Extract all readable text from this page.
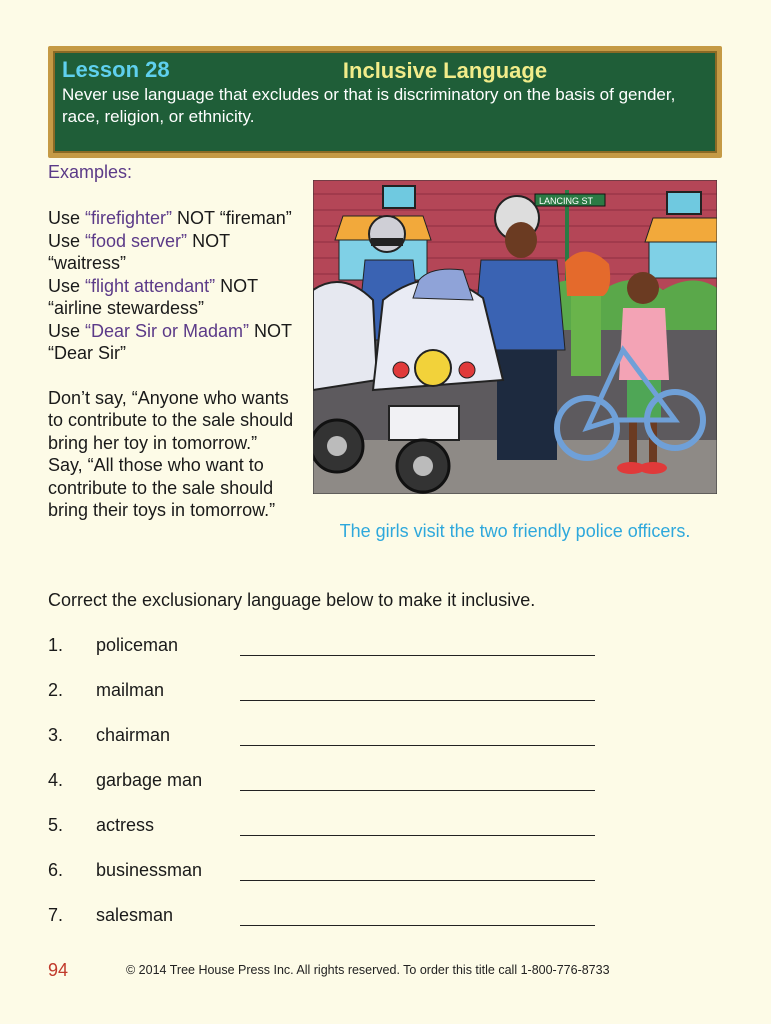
Lesson 28	Inclusive Language
Never use language that excludes or that is discriminatory on the basis of gender, race, religion, or ethnicity.
Examples:
Use “firefighter” NOT “fireman”
Use “food server” NOT “waitress”
Use “flight attendant” NOT “airline stewardess”
Use “Dear Sir or Madam” NOT “Dear Sir”
Don’t say, “Anyone who wants to contribute to the sale should bring her toy in tomorrow.”
Say, “All those who want to contribute to the sale should bring their toys in tomorrow.”
LANCING ST
The girls visit the two friendly police officers.
Correct the exclusionary language below to make it inclusive.
1. policeman
2. mailman
3. chairman
4. garbage man
5. actress
6. businessman
7. salesman
94	© 2014 Tree House Press Inc. All rights reserved. To order this title call 1-800-776-8733
